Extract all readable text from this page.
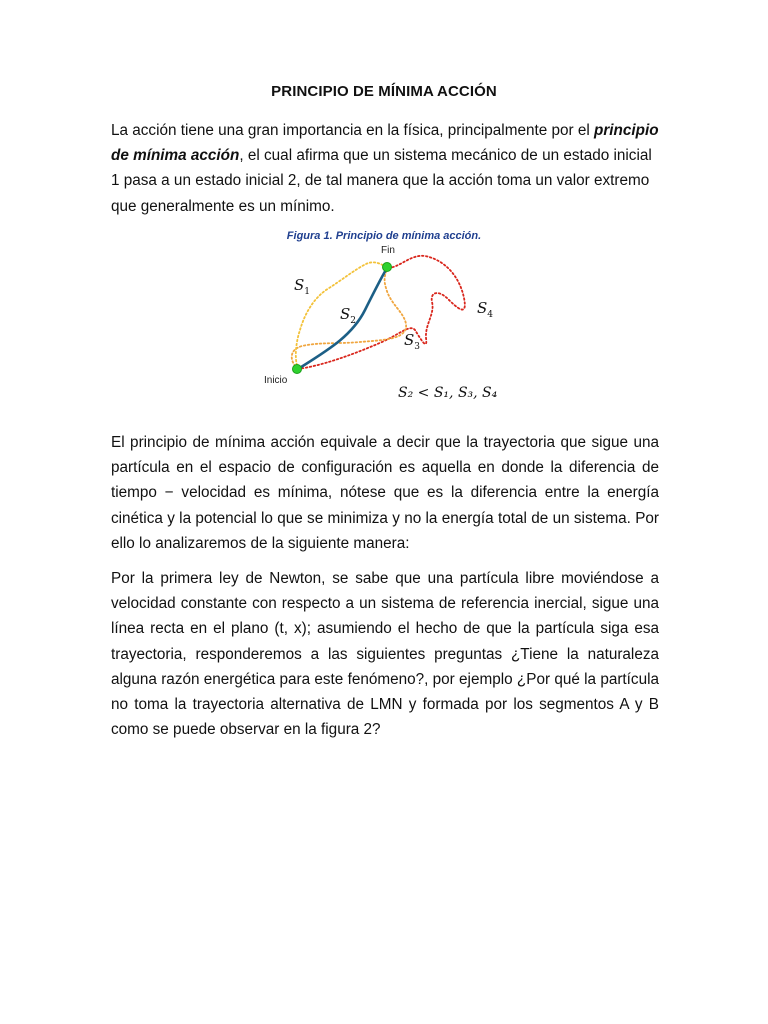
PRINCIPIO DE MÍNIMA ACCIÓN
La acción tiene una gran importancia en la física, principalmente por el principio de mínima acción, el cual afirma que un sistema mecánico de un estado inicial 1 pasa a un estado inicial 2, de tal manera que la acción toma un valor extremo que generalmente es un mínimo.
Figura 1. Principio de mínima acción.
Fin
Inicio
$S_1$
$S_2$
$S_3$
$S_4$
S₂ < S₁, S₃, S₄
El principio de mínima acción equivale a decir que la trayectoria que sigue una partícula en el espacio de configuración es aquella en donde la diferencia de tiempo − velocidad es mínima, nótese que es la diferencia entre la energía cinética y la potencial lo que se minimiza y no la energía total de un sistema. Por ello lo analizaremos de la siguiente manera:
Por la primera ley de Newton, se sabe que una partícula libre moviéndose a velocidad constante con respecto a un sistema de referencia inercial, sigue una línea recta en el plano (t, x); asumiendo el hecho de que la partícula siga esa trayectoria, responderemos a las siguientes preguntas ¿Tiene la naturaleza alguna razón energética para este fenómeno?, por ejemplo ¿Por qué la partícula no toma la trayectoria alternativa de LMN y formada por los segmentos A y B como se puede observar en la figura 2?
